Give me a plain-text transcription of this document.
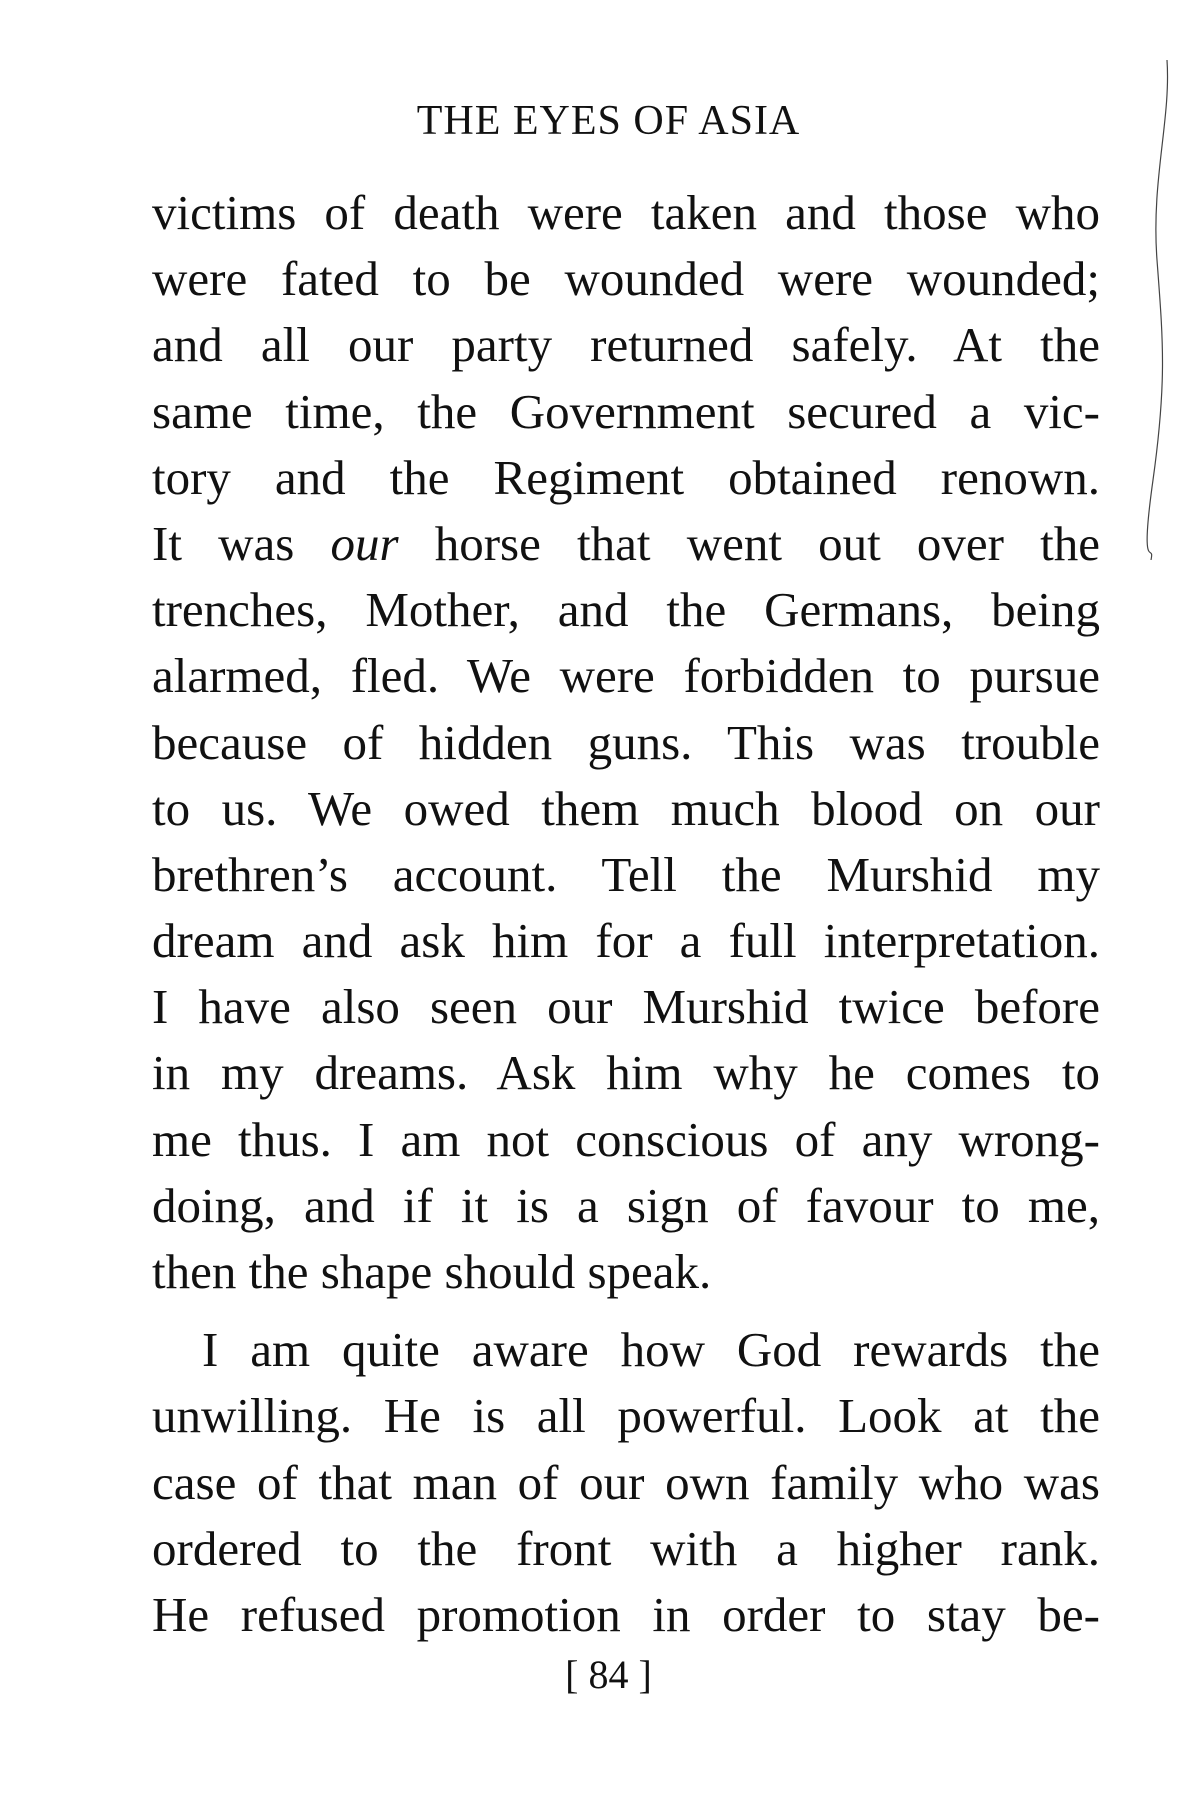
THE EYES OF ASIA
victims of death were taken and those who
were fated to be wounded were wounded;
and all our party returned safely. At the
same time, the Government secured a vic-
tory and the Regiment obtained renown.
It was our horse that went out over the
trenches, Mother, and the Germans, being
alarmed, fled. We were forbidden to pursue
because of hidden guns. This was trouble
to us. We owed them much blood on our
brethren’s account. Tell the Murshid my
dream and ask him for a full interpretation.
I have also seen our Murshid twice before
in my dreams. Ask him why he comes to
me thus. I am not conscious of any wrong-
doing, and if it is a sign of favour to me,
then the shape should speak.
I am quite aware how God rewards the
unwilling. He is all powerful. Look at the
case of that man of our own family who was
ordered to the front with a higher rank.
He refused promotion in order to stay be-
[ 84 ]
